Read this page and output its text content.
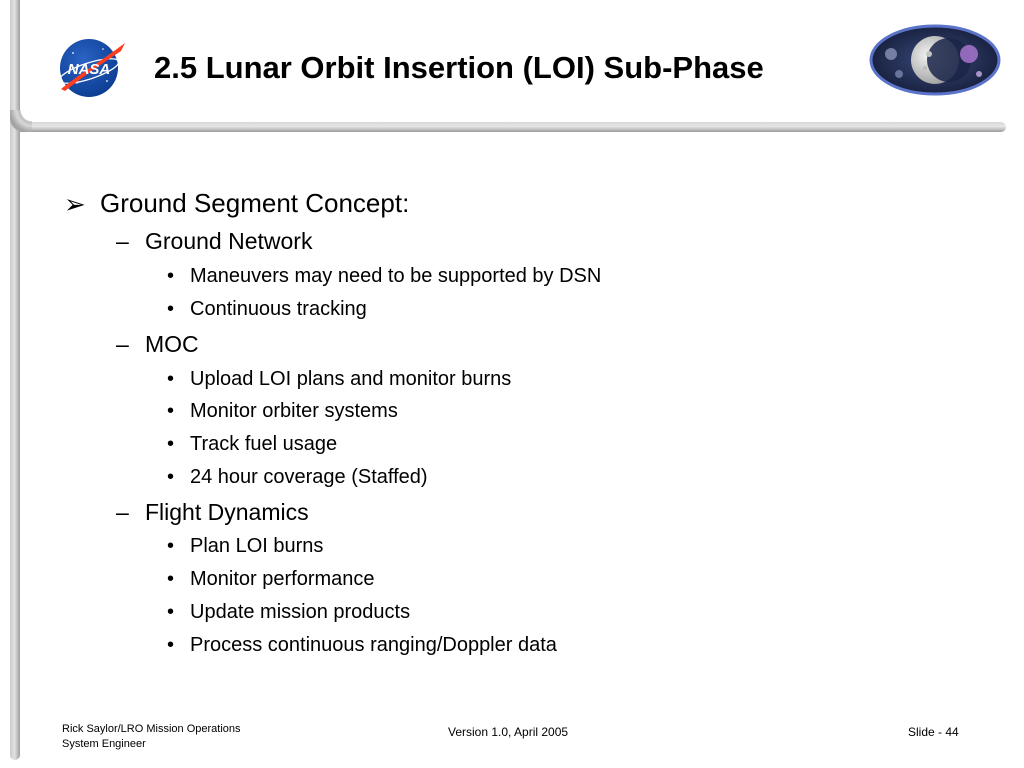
NASA 2.5 Lunar Orbit Insertion (LOI) Sub-Phase
➢ Ground Segment Concept:
– Ground Network
• Maneuvers may need to be supported by DSN
• Continuous tracking
– MOC
• Upload LOI plans and monitor burns
• Monitor orbiter systems
• Track fuel usage
• 24 hour coverage (Staffed)
– Flight Dynamics
• Plan LOI burns
• Monitor performance
• Update mission products
• Process continuous ranging/Doppler data
Rick Saylor/LRO Mission Operations
System Engineer
Version 1.0, April 2005	Slide - 44
